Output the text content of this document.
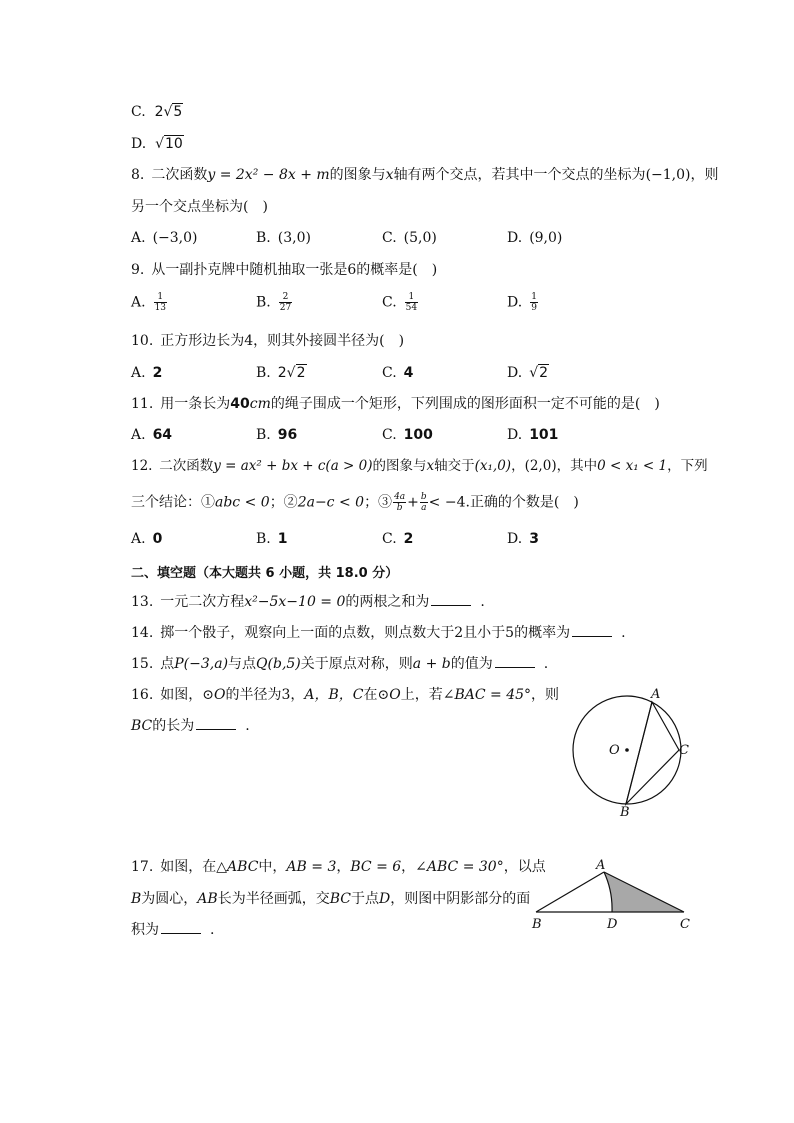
C. 2√5
D. √10
8.  二次函数y = 2x² − 8x + m的图象与x轴有两个交点，若其中一个交点的坐标为(−1,0)，则
另一个交点坐标为(  )
A.  (−3,0)	B.  (3,0)	C.  (5,0)	D.  (9,0)
9.  从一副扑克牌中随机抽取一张是6的概率是(  )
A.  $\frac{1}{13}$	B.  $\frac{2}{27}$	C.  $\frac{1}{54}$	D.  $\frac{1}{9}$
10.  正方形边长为4，则其外接圆半径为(  )
A.  2	B.  2√2	C.  4	D.  √2
11.  用一条长为40cm的绳子围成一个矩形，下列围成的图形面积一定不可能的是(  )
A.  64	B.  96	C.  100	D.  101
12.  二次函数y = ax² + bx + c(a > 0)的图象与x轴交于(x₁,0)，(2,0)，其中0 < x₁ < 1，下列
三个结论：①abc < 0；②2a−c < 0；③ $\frac{4a}{b} + \frac{b}{a} < -4$.正确的个数是(  )
A.  0	B.  1	C.  2	D.  3
二、填空题（本大题共 6 小题，共 18.0 分）
13.  一元二次方程x²−5x−10 = 0的两根之和为 	.
14.  掷一个骰子，观察向上一面的点数，则点数大于2且小于5的概率为 	.
15.  点P(−3,a)与点Q(b,5)关于原点对称，则a + b的值为 	.
16.  如图，⊙O的半径为3，A，B，C在⊙O上，若∠BAC = 45°，则
BC的长为 	.
A
C
B
O
17.  如图，在△ABC中，AB = 3，BC = 6，∠ABC = 30°，以点
B为圆心，AB长为半径画弧，交BC于点D，则图中阴影部分的面
积为 	.
A
B	D	C
